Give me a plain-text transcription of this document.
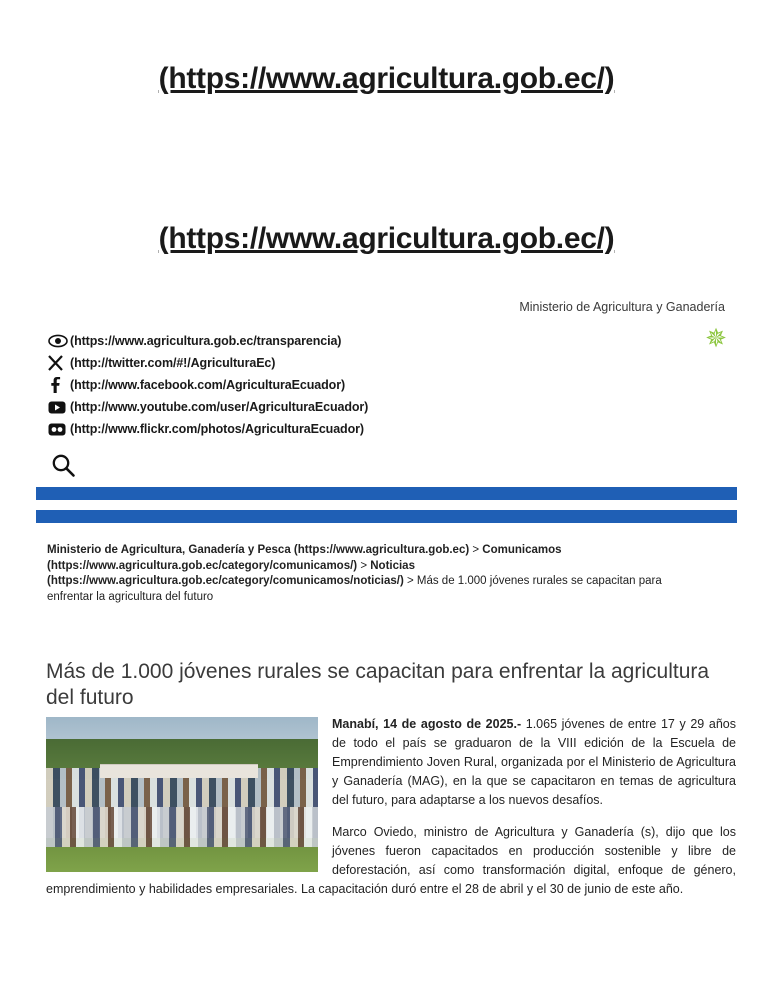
(https://www.agricultura.gob.ec/)
(https://www.agricultura.gob.ec/)
Ministerio de Agricultura y Ganadería
✵
(https://www.agricultura.gob.ec/transparencia)
(http://twitter.com/#!/AgriculturaEc)
(http://www.facebook.com/AgriculturaEcuador)
(http://www.youtube.com/user/AgriculturaEcuador)
(http://www.flickr.com/photos/AgriculturaEcuador)
Ministerio de Agricultura, Ganadería y Pesca (https://www.agricultura.gob.ec) > Comunicamos (https://www.agricultura.gob.ec/category/comunicamos/) > Noticias (https://www.agricultura.gob.ec/category/comunicamos/noticias/) > Más de 1.000 jóvenes rurales se capacitan para enfrentar la agricultura del futuro
Más de 1.000 jóvenes rurales se capacitan para enfrentar la agricultura del futuro

Manabí, 14 de agosto de 2025.- 1.065 jóvenes de entre 17 y 29 años de todo el país se graduaron de la VIII edición de la Escuela de Emprendimiento Joven Rural, organizada por el Ministerio de Agricultura y Ganadería (MAG), en la que se capacitaron en temas de agricultura del futuro, para adaptarse a los nuevos desafíos.

Marco Oviedo, ministro de Agricultura y Ganadería (s), dijo que los jóvenes fueron capacitados en producción sostenible y libre de deforestación, así como transformación digital, enfoque de género, emprendimiento y habilidades empresariales. La capacitación duró entre el 28 de abril y el 30 de junio de este año.
